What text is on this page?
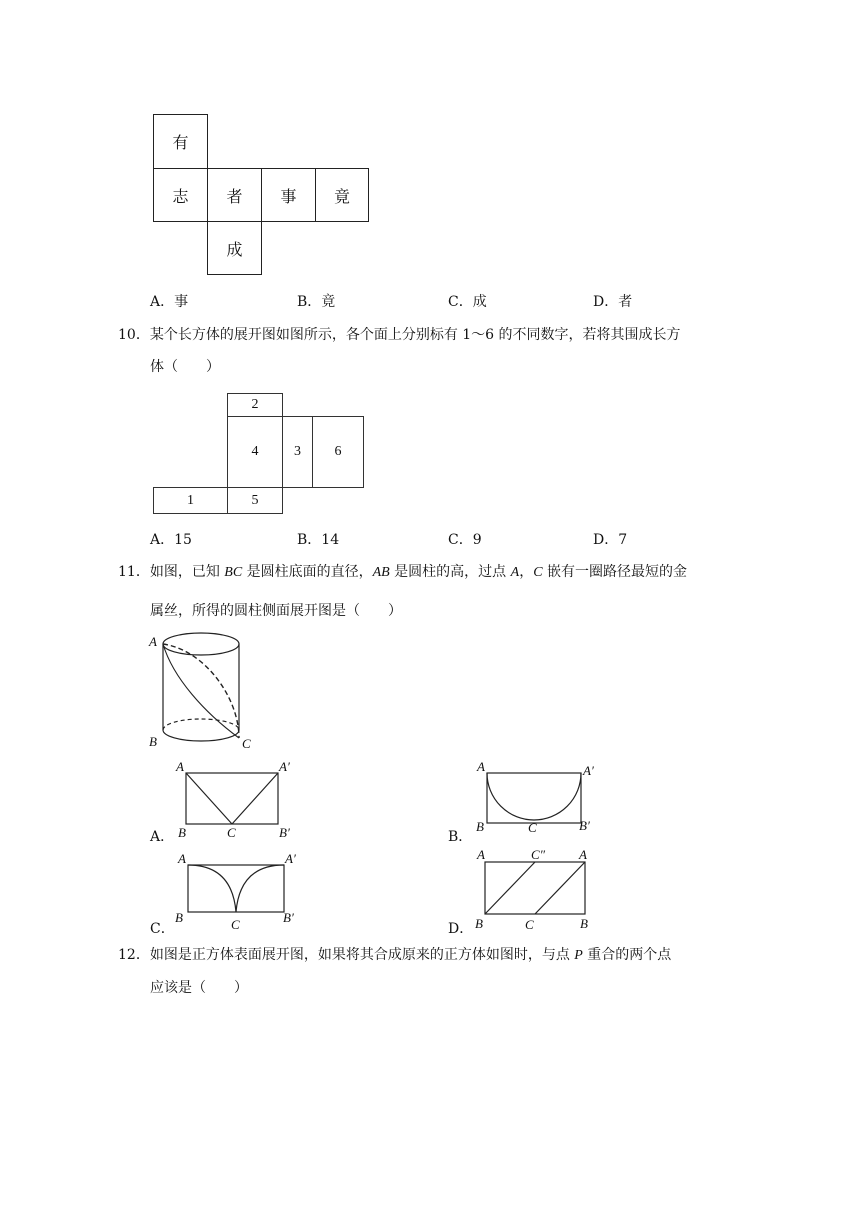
有
志	者	事	竟
成
A．事	B．竟	C．成	D．者
10．某个长方体的展开图如图所示，各个面上分别标有 1～6 的不同数字，若将其围成长方
体（　　）
2
4	3	6
1	5
A．15	B．14	C．9	D．7
11．如图，已知 BC 是圆柱底面的直径，AB 是圆柱的高，过点 A，C 嵌有一圈路径最短的金
属丝，所得的圆柱侧面展开图是（　　）
A
B	C
A．
A	A′
B	C	B′	B．
A	A′
B	C	B′
C．
A	A′
B	C	B′
D．
A	C″	A
B	C	B
12．如图是正方体表面展开图，如果将其合成原来的正方体如图时，与点 P 重合的两个点
应该是（　　）
